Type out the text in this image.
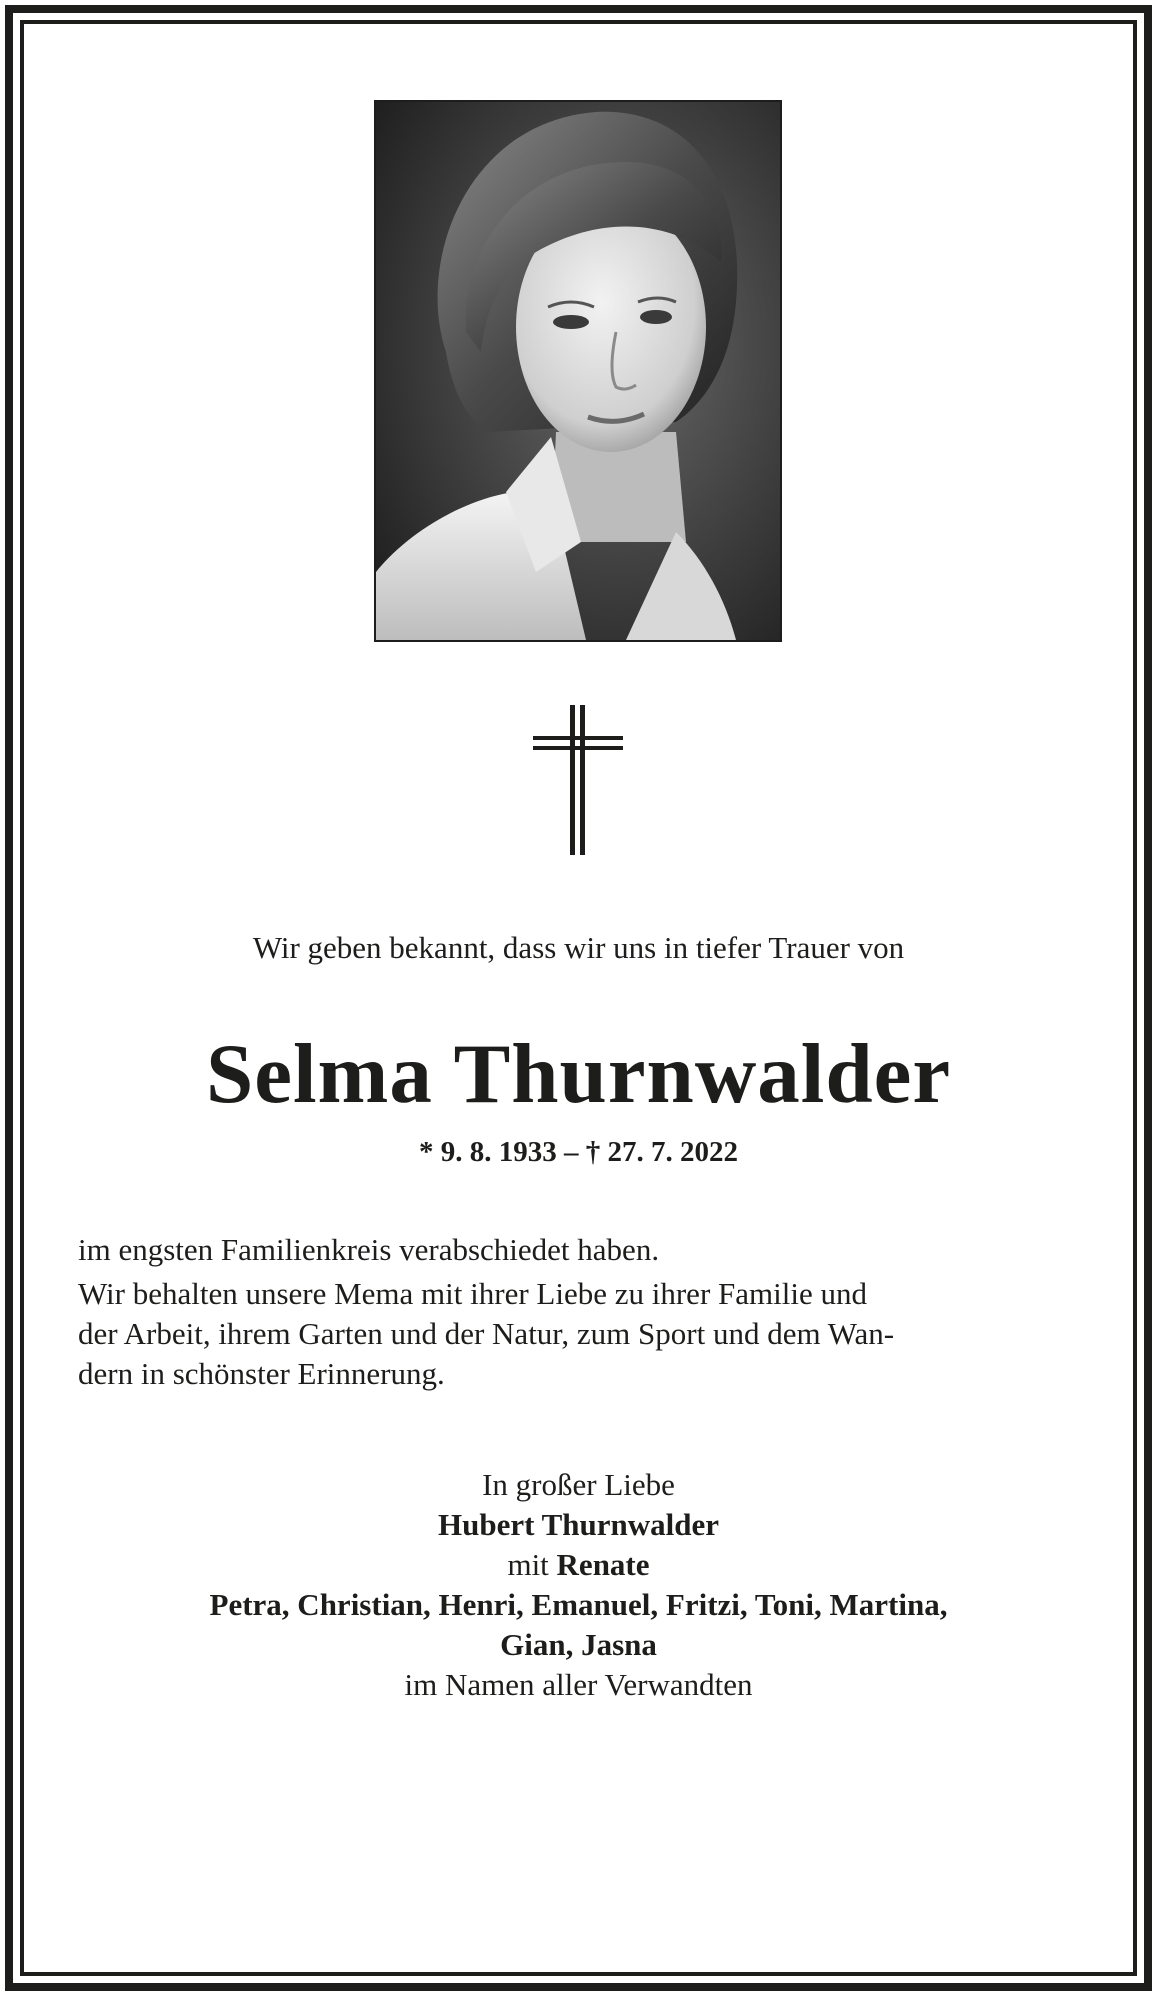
Wir geben bekannt, dass wir uns in tiefer Trauer von
Selma Thurnwalder
* 9. 8. 1933 – † 27. 7. 2022

im engsten Familienkreis verabschiedet haben.

Wir behalten unsere Mema mit ihrer Liebe zu ihrer Familie und
der Arbeit, ihrem Garten und der Natur, zum Sport und dem Wan-
dern in schönster Erinnerung.

In großer Liebe
Hubert Thurnwalder
mit Renate
Petra, Christian, Henri, Emanuel, Fritzi, Toni, Martina,
Gian, Jasna
im Namen aller Verwandten
